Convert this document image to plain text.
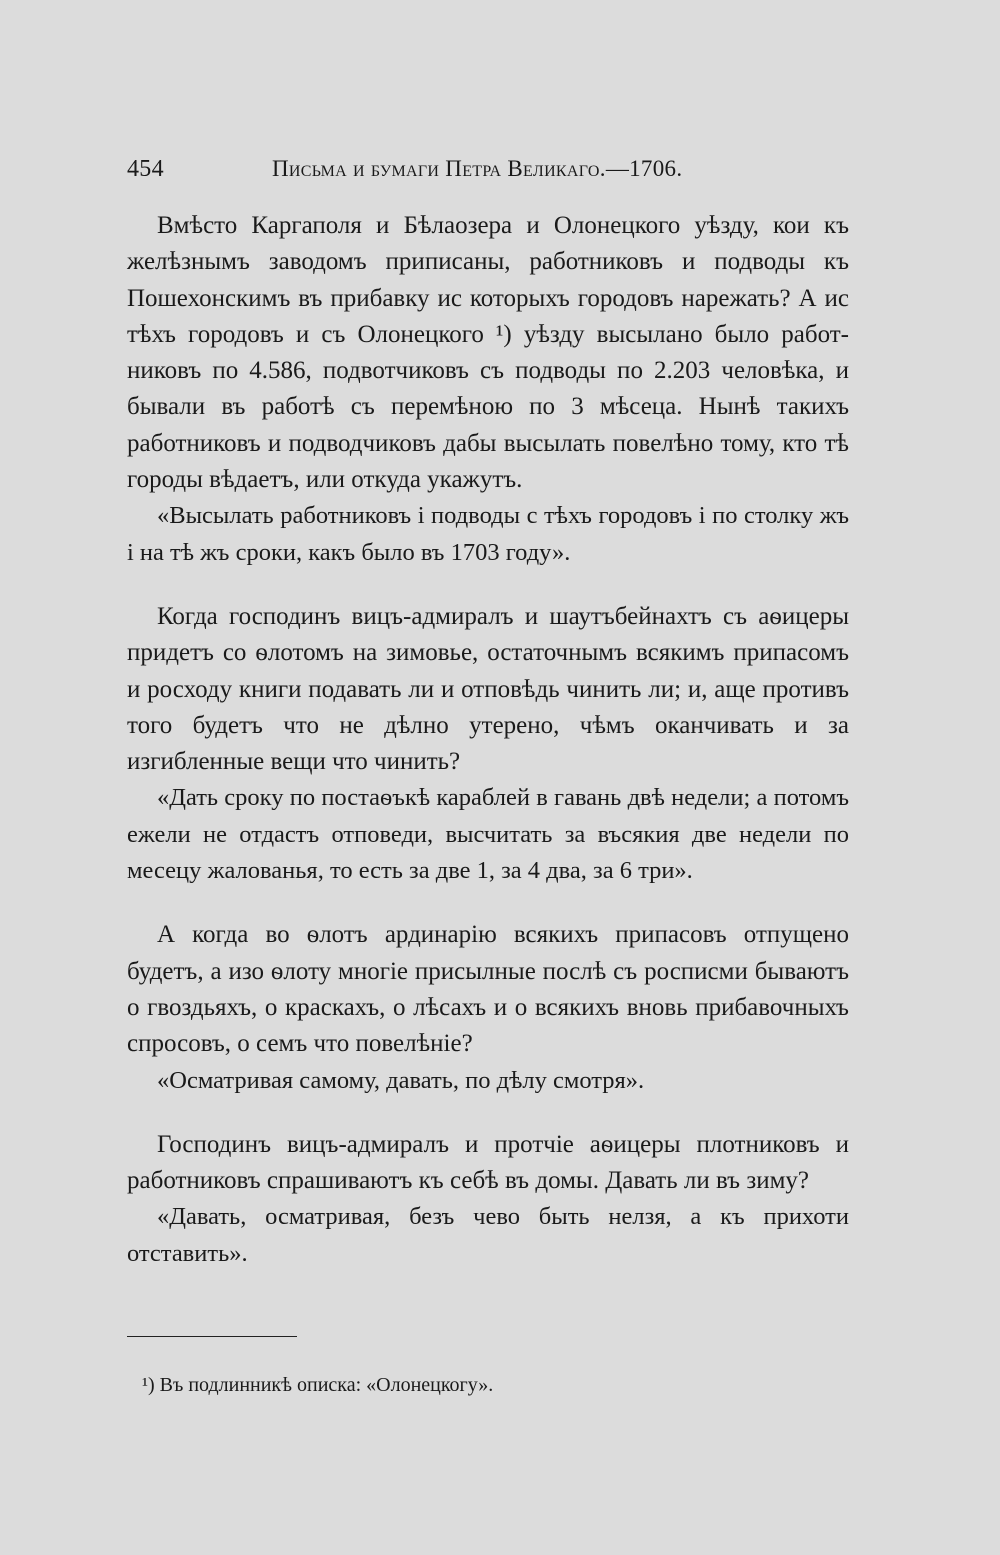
454	Письма и бумаги Петра Великаго.—1706.

Вмѣсто Каргаполя и Бѣлаозера и Олонецкого уѣзду, кои къ желѣзнымъ заводомъ приписаны, работниковъ и подводы къ Пошехонскимъ въ прибавку ис которыхъ городовъ нарежать? А ис тѣхъ городовъ и съ Олонецкого ¹) уѣзду высылано было работниковъ по 4.586, подвотчиковъ съ подводы по 2.203 человѣка, и бывали въ работѣ съ перемѣною по 3 мѣсеца. Нынѣ такихъ работниковъ и подводчиковъ дабы высылать повелѣно тому, кто тѣ городы вѣдаетъ, или откуда укажутъ.

«Высылать работниковъ і подводы с тѣхъ городовъ і по столку жъ і на тѣ жъ сроки, какъ было въ 1703 году».

Когда господинъ вицъ-адмиралъ и шаутъбейнахтъ съ аѳицеры придетъ со ѳлотомъ на зимовье, остаточнымъ всякимъ припасомъ и росходу книги подавать ли и отповѣдь чинить ли; и, аще противъ того будетъ что не дѣлно утерено, чѣмъ оканчивать и за изгибленные вещи что чинить?

«Дать сроку по постаѳъкѣ караблей в гавань двѣ недели; а потомъ ежели не отдастъ отповеди, высчитать за въсякия две недели по месецу жалованья, то есть за две 1, за 4 два, за 6 три».

А когда во ѳлотъ ардинарію всякихъ припасовъ отпущено будетъ, а изо ѳлоту многіе присылные послѣ съ росписми бываютъ о гвоздьяхъ, о краскахъ, о лѣсахъ и о всякихъ вновь прибавочныхъ спросовъ, о семъ что повелѣніе?

«Осматривая самому, давать, по дѣлу смотря».

Господинъ вицъ-адмиралъ и протчіе аѳицеры плотниковъ и работниковъ спрашиваютъ къ себѣ въ домы. Давать ли въ зиму?

«Давать, осматривая, безъ чево быть нелзя, а къ прихоти отставить».

¹) Въ подлинникѣ описка: «Олонецкогу».
